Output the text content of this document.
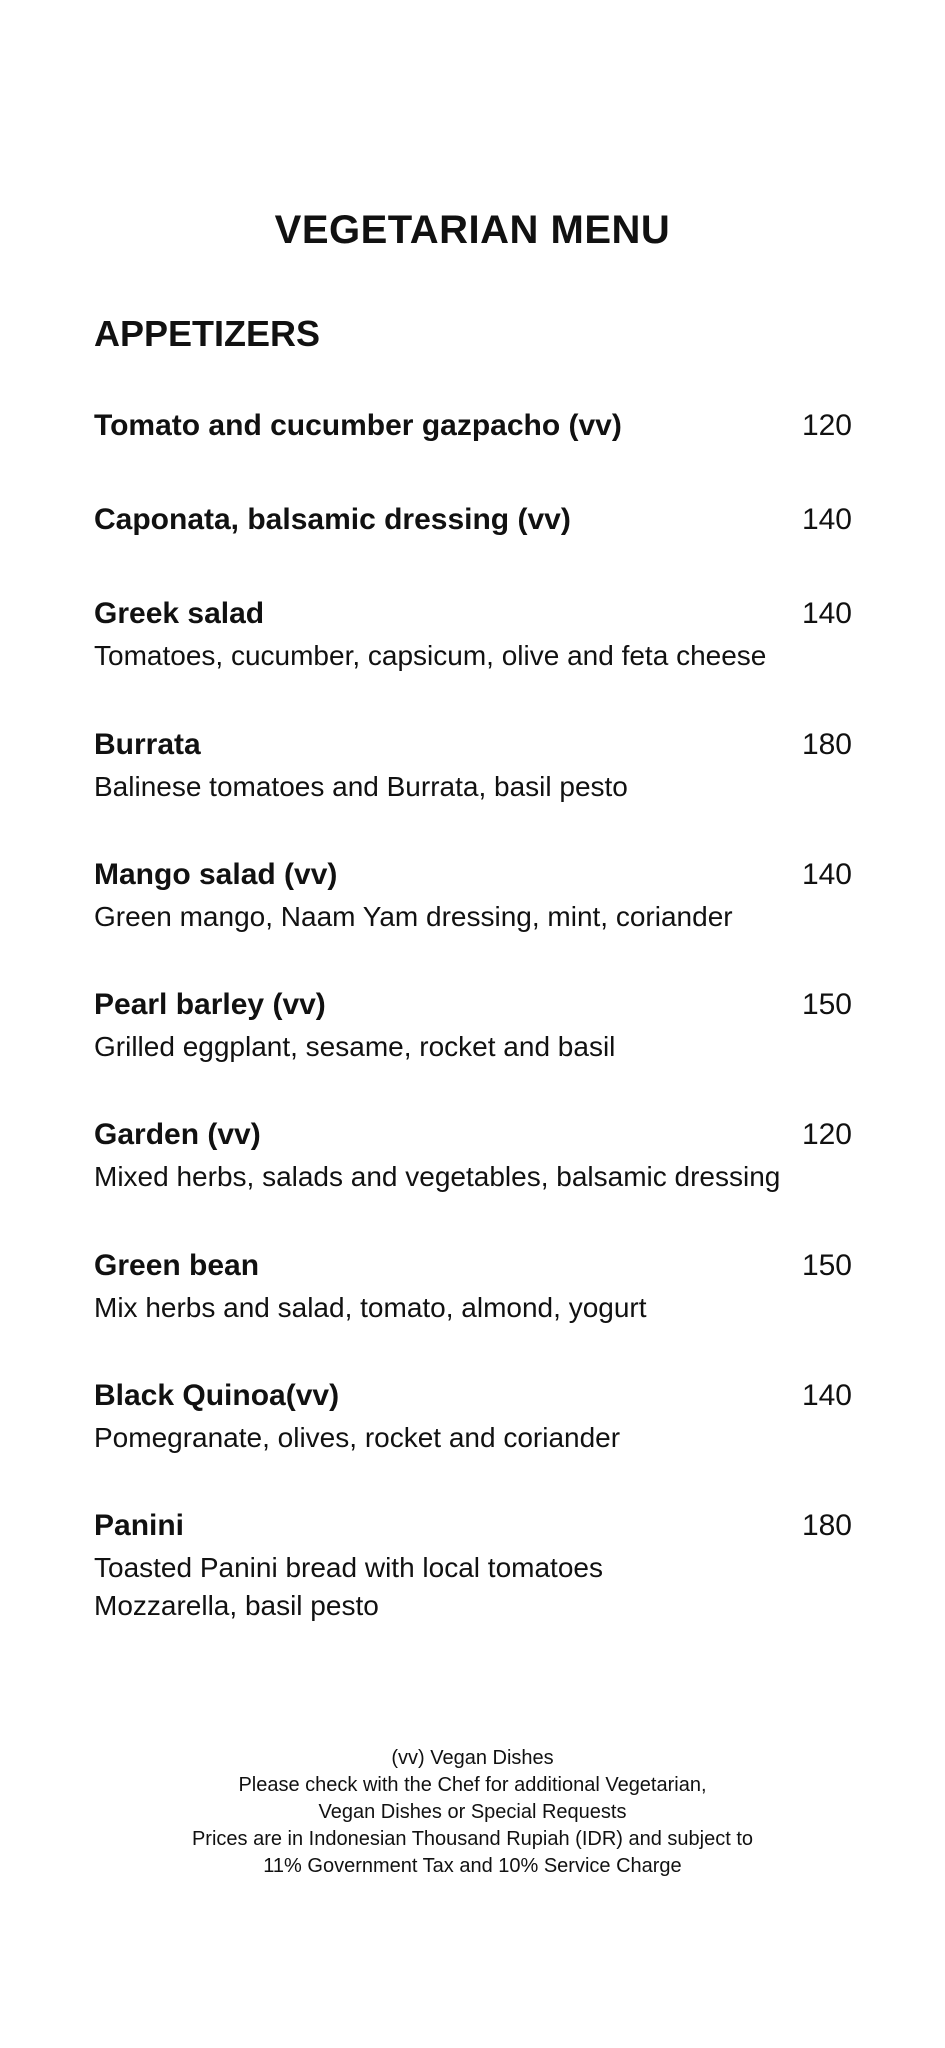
VEGETARIAN MENU
APPETIZERS
Tomato and cucumber gazpacho (vv)	120
Caponata, balsamic dressing (vv)	140
Greek salad	140
Tomatoes, cucumber, capsicum, olive and feta cheese
Burrata	180
Balinese tomatoes and Burrata, basil pesto
Mango salad (vv)	140
Green mango, Naam Yam dressing, mint, coriander
Pearl barley (vv)	150
Grilled eggplant, sesame, rocket and basil
Garden (vv)	120
Mixed herbs, salads and vegetables, balsamic dressing
Green bean	150
Mix herbs and salad, tomato, almond, yogurt
Black Quinoa(vv)	140
Pomegranate, olives, rocket and coriander
Panini	180
Toasted Panini bread with local tomatoes
Mozzarella, basil pesto
(vv) Vegan Dishes
Please check with the Chef for additional Vegetarian,
Vegan Dishes or Special Requests
Prices are in Indonesian Thousand Rupiah (IDR) and subject to
11% Government Tax and 10% Service Charge
